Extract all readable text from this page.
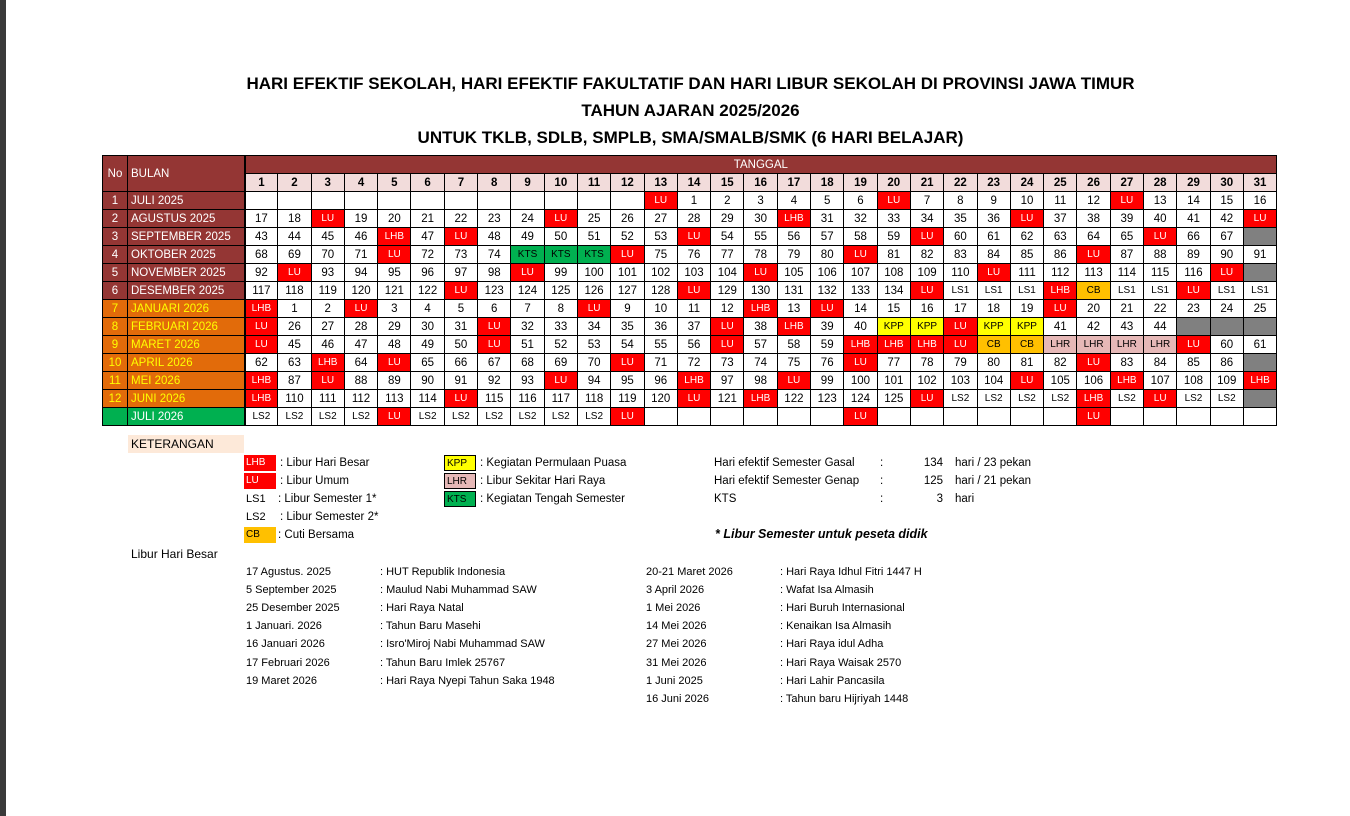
HARI EFEKTIF SEKOLAH, HARI EFEKTIF FAKULTATIF DAN HARI LIBUR SEKOLAH DI PROVINSI JAWA TIMUR
TAHUN AJARAN 2025/2026
UNTUK TKLB, SDLB, SMPLB, SMA/SMALB/SMK (6 HARI BELAJAR)
No	BULAN	TANGGAL																														
		1	2	3	4	5	6	7	8	9	10	11	12	13	14	15	16	17	18	19	20	21	22	23	24	25	26	27	28	29	30	31
1	JULI 2025													LU	1	2	3	4	5	6	LU	7	8	9	10	11	12	LU	13	14	15	16
2	AGUSTUS 2025	17	18	LU	19	20	21	22	23	24	LU	25	26	27	28	29	30	LHB	31	32	33	34	35	36	LU	37	38	39	40	41	42	LU
3	SEPTEMBER 2025	43	44	45	46	LHB	47	LU	48	49	50	51	52	53	LU	54	55	56	57	58	59	LU	60	61	62	63	64	65	LU	66	67	
4	OKTOBER 2025	68	69	70	71	LU	72	73	74	KTS	KTS	KTS	LU	75	76	77	78	79	80	LU	81	82	83	84	85	86	LU	87	88	89	90	91
5	NOVEMBER 2025	92	LU	93	94	95	96	97	98	LU	99	100	101	102	103	104	LU	105	106	107	108	109	110	LU	111	112	113	114	115	116	LU	
6	DESEMBER 2025	117	118	119	120	121	122	LU	123	124	125	126	127	128	LU	129	130	131	132	133	134	LU	LS1	LS1	LS1	LHB	CB	LS1	LS1	LU	LS1	LS1
7	JANUARI 2026	LHB	1	2	LU	3	4	5	6	7	8	LU	9	10	11	12	LHB	13	LU	14	15	16	17	18	19	LU	20	21	22	23	24	25
8	FEBRUARI 2026	LU	26	27	28	29	30	31	LU	32	33	34	35	36	37	LU	38	LHB	39	40	KPP	KPP	LU	KPP	KPP	41	42	43	44			
9	MARET 2026	LU	45	46	47	48	49	50	LU	51	52	53	54	55	56	LU	57	58	59	LHB	LHB	LHB	LU	CB	CB	LHR	LHR	LHR	LHR	LU	60	61
10	APRIL 2026	62	63	LHB	64	LU	65	66	67	68	69	70	LU	71	72	73	74	75	76	LU	77	78	79	80	81	82	LU	83	84	85	86	
11	MEI 2026	LHB	87	LU	88	89	90	91	92	93	LU	94	95	96	LHB	97	98	LU	99	100	101	102	103	104	LU	105	106	LHB	107	108	109	LHB
12	JUNI 2026	LHB	110	111	112	113	114	LU	115	116	117	118	119	120	LU	121	LHB	122	123	124	125	LU	LS2	LS2	LS2	LS2	LHB	LS2	LU	LS2	LS2	
	JULI 2026	LS2	LS2	LS2	LS2	LU	LS2	LS2	LS2	LS2	LS2	LS2	LU							LU							LU					
KETERANGAN
LHB	: Libur Hari Besar
LU	: Libur Umum
LS1	: Libur Semester 1*
LS2	: Libur Semester 2*
CB	: Cuti Bersama
KPP	: Kegiatan Permulaan Puasa
LHR	: Libur Sekitar Hari Raya
KTS	: Kegiatan Tengah Semester
Hari efektif Semester Gasal :	134 hari / 23 pekan
Hari efektif Semester Genap :	125 hari / 21 pekan
KTS	:	3 hari
* Libur Semester untuk peseta didik
Libur Hari Besar
17 Agustus. 2025	: HUT Republik Indonesia
5 September 2025	: Maulud Nabi Muhammad SAW
25 Desember 2025	: Hari Raya Natal
1 Januari. 2026	: Tahun Baru Masehi
16 Januari 2026	: Isro'Miroj Nabi Muhammad SAW
17 Februari 2026	: Tahun Baru Imlek 25767
19 Maret 2026	: Hari Raya Nyepi Tahun Saka 1948
20-21 Maret 2026	: Hari Raya Idhul Fitri 1447 H
3 April 2026	: Wafat Isa Almasih
1 Mei 2026	: Hari Buruh Internasional
14 Mei 2026	: Kenaikan Isa Almasih
27 Mei 2026	: Hari Raya idul Adha
31 Mei 2026	: Hari Raya Waisak 2570
1 Juni 2025	: Hari Lahir Pancasila
16 Juni 2026	: Tahun baru Hijriyah 1448
